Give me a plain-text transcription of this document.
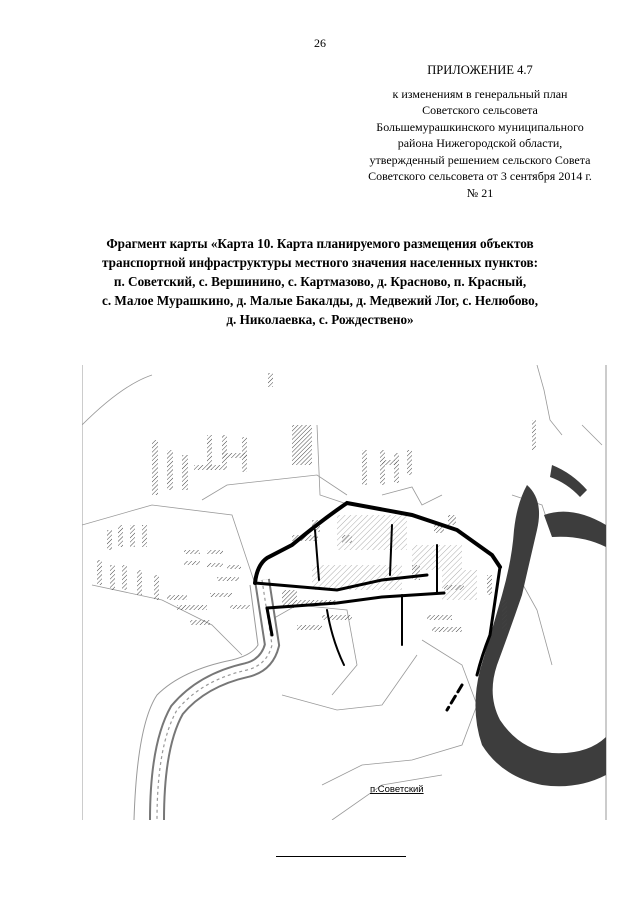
26
ПРИЛОЖЕНИЕ 4.7
к изменениям в генеральный план
Советского сельсовета
Большемурашкинского муниципального
района Нижегородской области,
утвержденный решением сельского Совета
Советского сельсовета от 3 сентября 2014 г.
№ 21
Фрагмент карты «Карта 10. Карта планируемого размещения объектов
транспортной инфраструктуры местного значения населенных пунктов:
п. Советский, с. Вершинино, с. Картмазово, д. Красново, п. Красный,
с. Малое Мурашкино, д. Малые Бакалды, д. Медвежий Лог, с. Нелюбово,
д. Николаевка, с. Рождествено»
п.Советский
